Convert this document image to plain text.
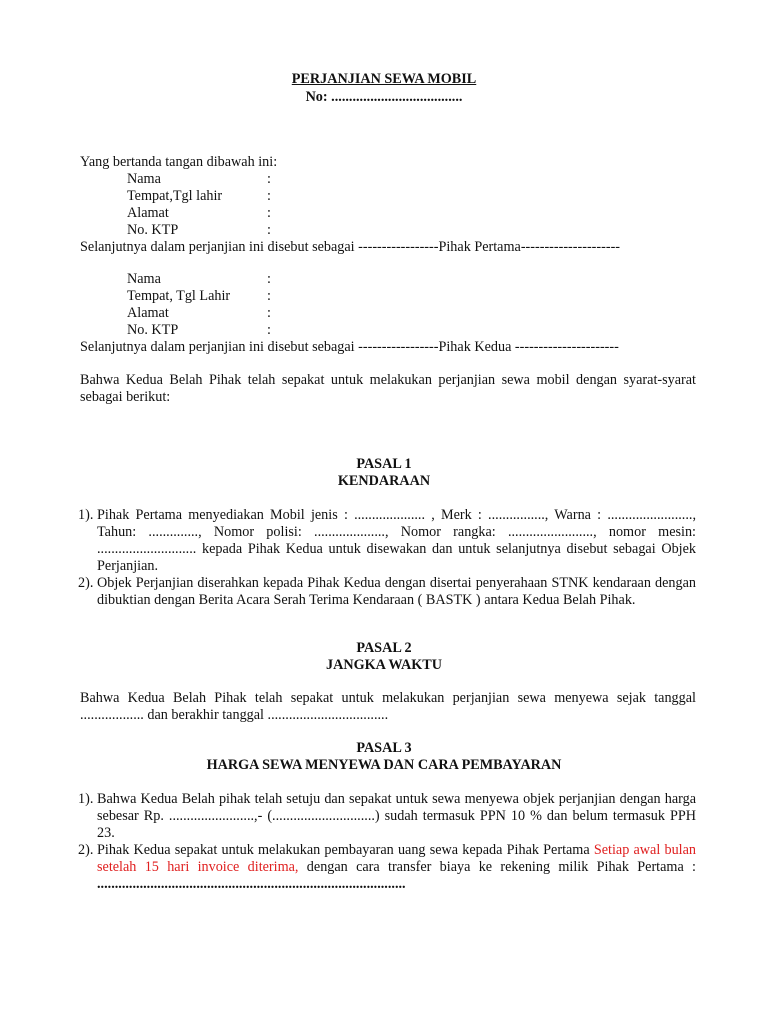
PERJANJIAN SEWA MOBIL
No: .....................................
Yang bertanda tangan dibawah ini:
Nama	:
Tempat,Tgl lahir	:
Alamat	:
No. KTP	:
Selanjutnya dalam perjanjian ini disebut sebagai -----------------Pihak Pertama---------------------
Nama	:
Tempat, Tgl Lahir	:
Alamat	:
No. KTP	:
Selanjutnya dalam perjanjian ini disebut sebagai -----------------Pihak Kedua ----------------------
Bahwa Kedua Belah Pihak telah sepakat untuk melakukan perjanjian sewa mobil dengan syarat-syarat sebagai berikut:
PASAL 1
KENDARAAN
1). Pihak Pertama menyediakan Mobil jenis : .................... , Merk : ................, Warna : ........................, Tahun: .............., Nomor polisi: ...................., Nomor rangka: ........................, nomor mesin: ............................ kepada Pihak Kedua untuk disewakan dan untuk selanjutnya disebut sebagai Objek Perjanjian.
2). Objek Perjanjian diserahkan kepada Pihak Kedua dengan disertai penyerahaan STNK kendaraan dengan dibuktian dengan Berita Acara Serah Terima Kendaraan ( BASTK ) antara Kedua Belah Pihak.
PASAL 2
JANGKA WAKTU
Bahwa Kedua Belah Pihak telah sepakat untuk melakukan perjanjian sewa menyewa sejak tanggal .................. dan berakhir tanggal ..................................
PASAL 3
HARGA SEWA MENYEWA DAN CARA PEMBAYARAN
1). Bahwa Kedua Belah pihak telah setuju dan sepakat untuk sewa menyewa objek perjanjian dengan harga sebesar Rp. ........................,- (.............................) sudah termasuk PPN 10 % dan belum termasuk PPH 23.
2). Pihak Kedua sepakat untuk melakukan pembayaran uang sewa kepada Pihak Pertama Setiap awal bulan setelah 15 hari invoice diterima, dengan cara transfer biaya ke rekening milik Pihak Pertama : .......................................................................................
